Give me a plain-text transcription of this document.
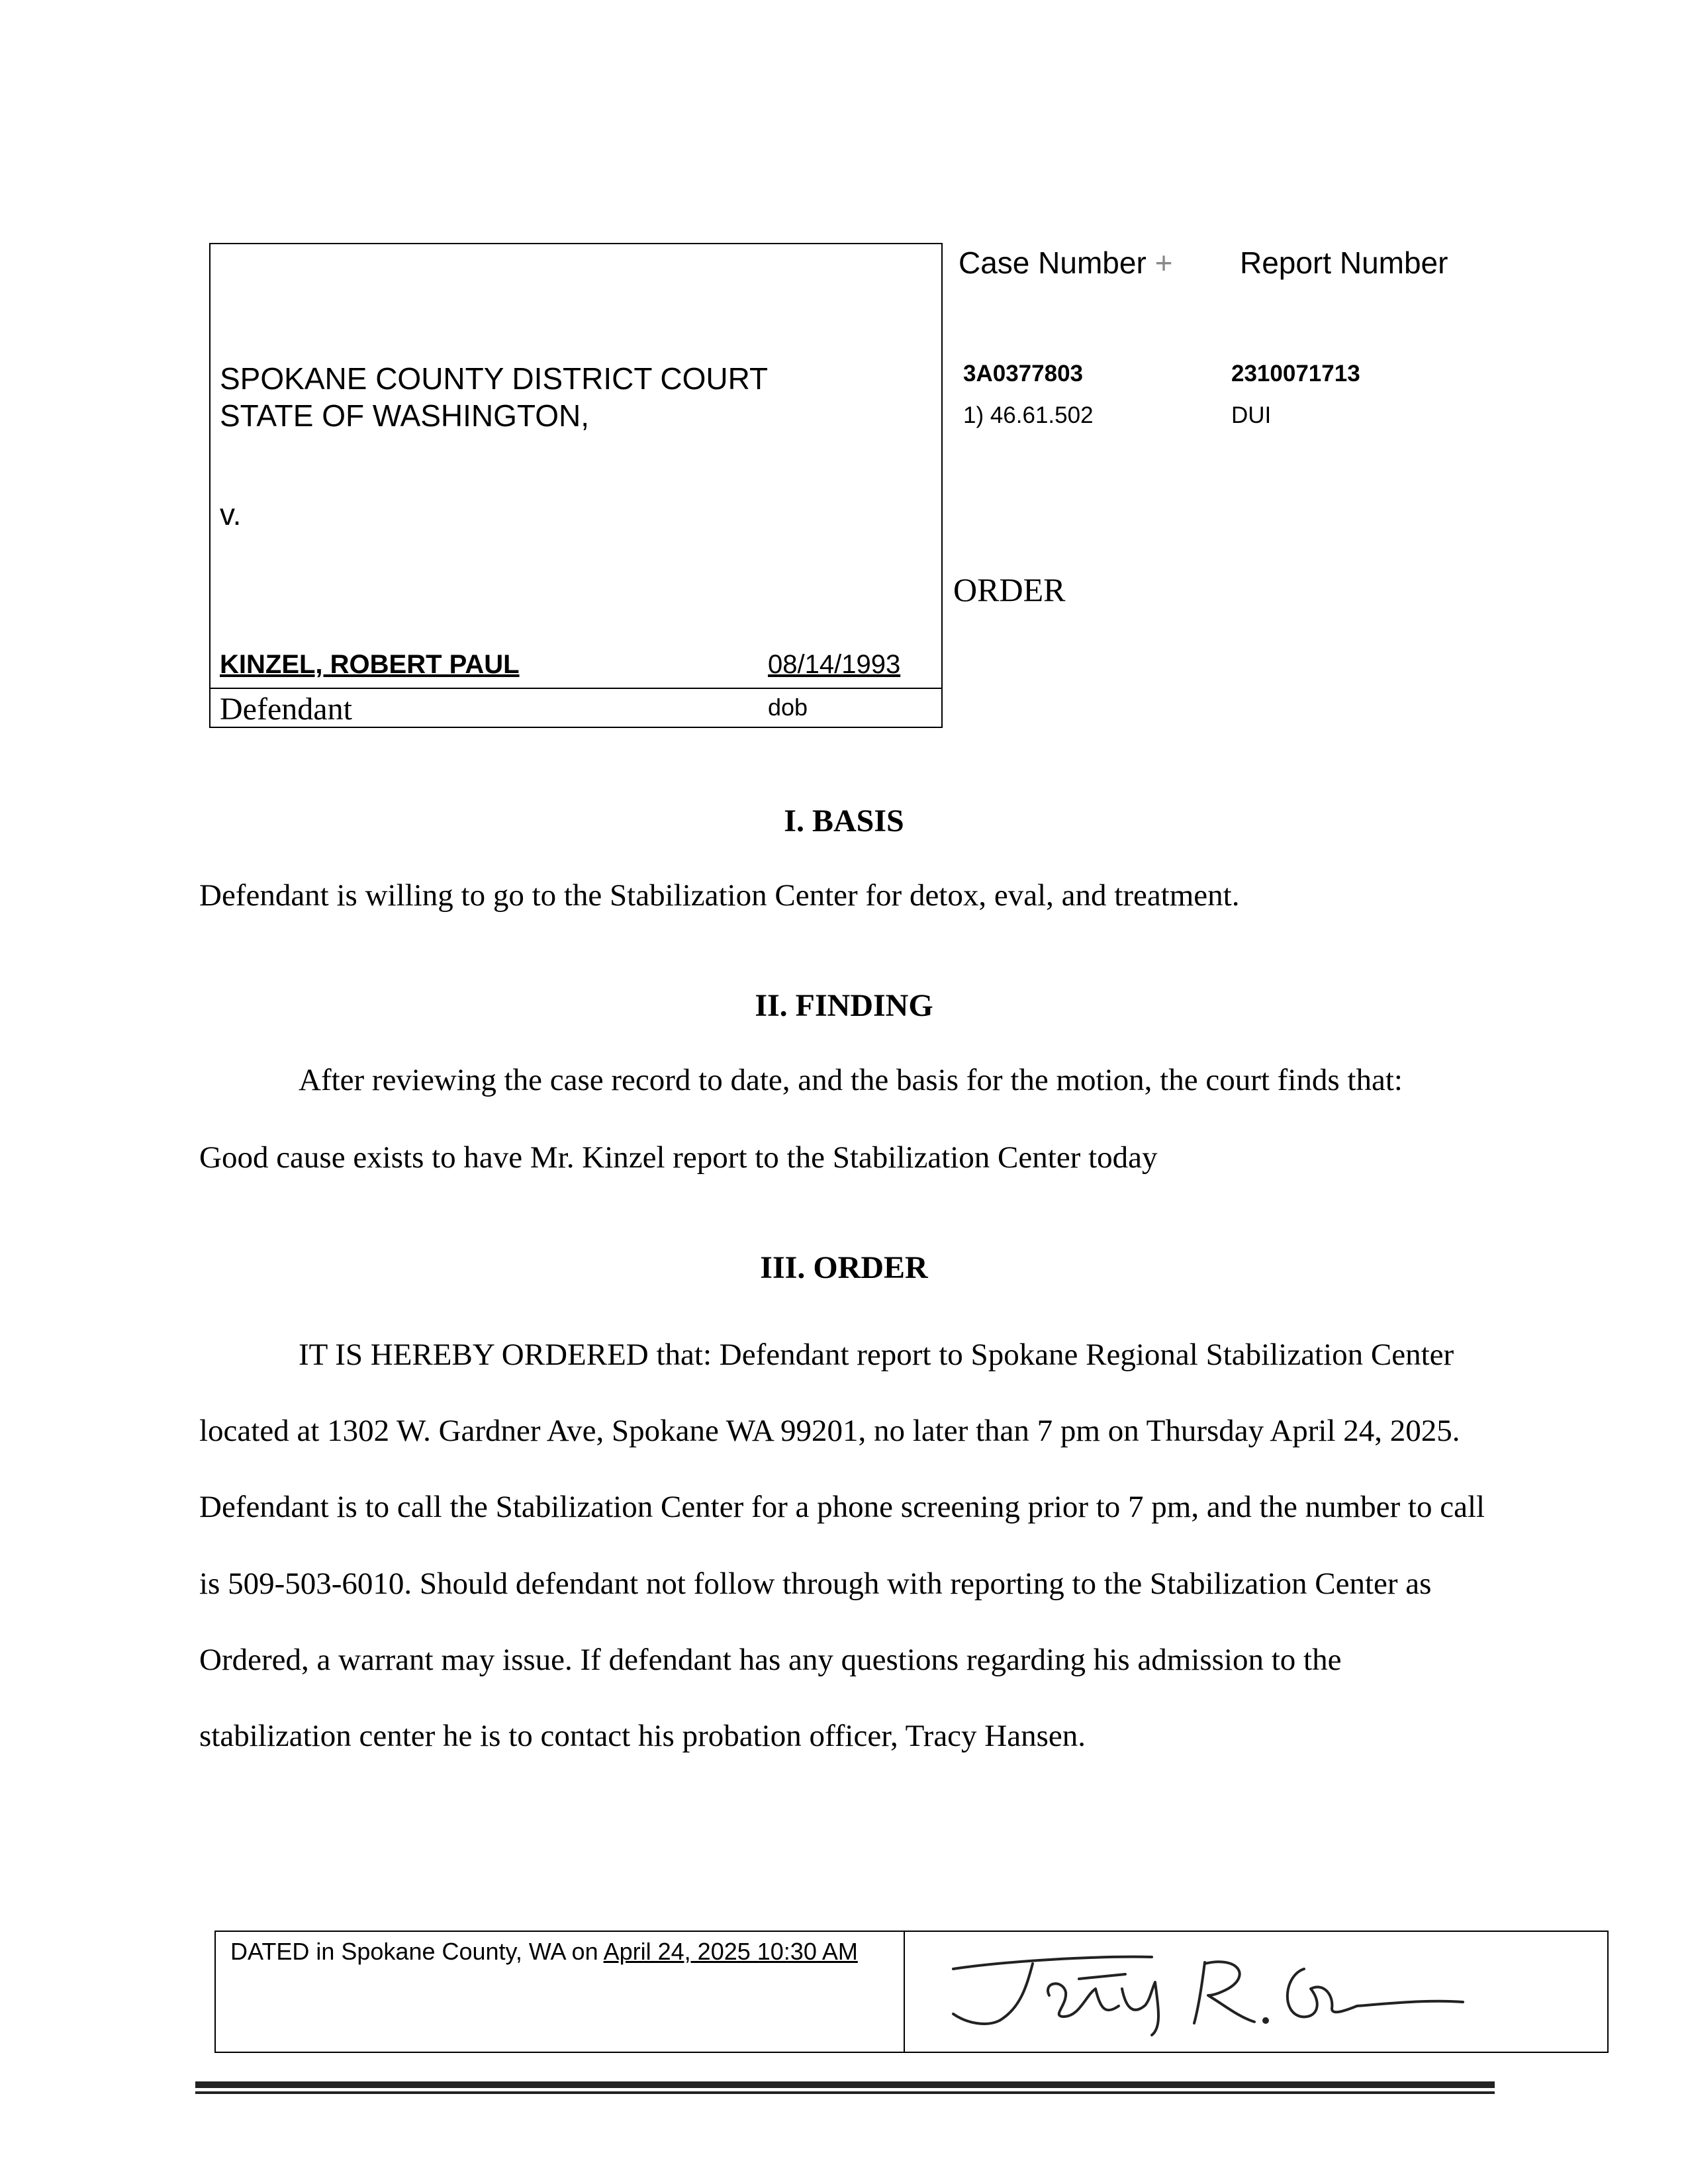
SPOKANE COUNTY DISTRICT COURT
STATE OF WASHINGTON,
v.
KINZEL, ROBERT PAUL	08/14/1993
Defendant	dob
Case Number + Report Number
3A0377803	2310071713
1) 46.61.502	DUI
ORDER
I. BASIS
Defendant is willing to go to the Stabilization Center for detox, eval, and treatment.
II. FINDING
After reviewing the case record to date, and the basis for the motion, the court finds that:
Good cause exists to have Mr. Kinzel report to the Stabilization Center today
III. ORDER
IT IS HEREBY ORDERED that: Defendant report to Spokane Regional Stabilization Center located at 1302 W. Gardner Ave, Spokane WA 99201, no later than 7 pm on Thursday April 24, 2025. Defendant is to call the Stabilization Center for a phone screening prior to 7 pm, and the number to call is 509-503-6010. Should defendant not follow through with reporting to the Stabilization Center as Ordered, a warrant may issue. If defendant has any questions regarding his admission to the stabilization center he is to contact his probation officer, Tracy Hansen.
DATED in Spokane County, WA on April 24, 2025 10:30 AM
